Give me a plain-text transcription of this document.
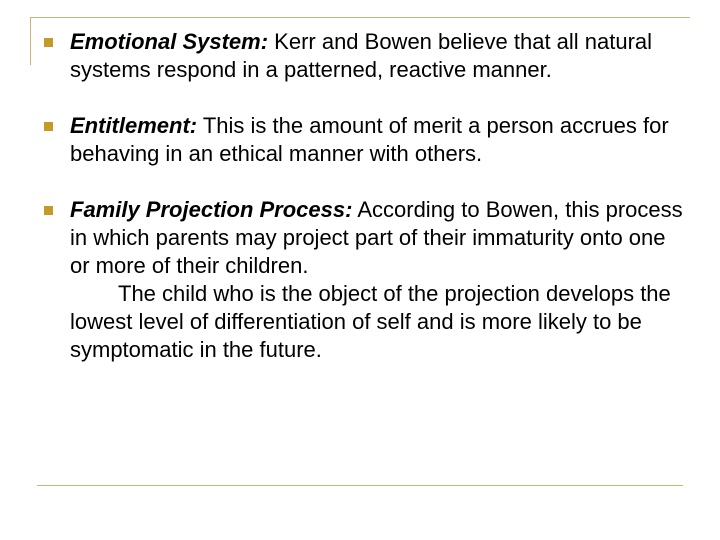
Emotional System: Kerr and Bowen believe that all natural systems respond in a patterned, reactive manner.
Entitlement: This is the amount of merit a person accrues for behaving in an ethical manner with others.
Family Projection Process: According to Bowen, this process in which parents may project part of their immaturity onto one or more of their children.
The child who is the object of the projection develops the lowest level of differentiation of self and is more likely to be symptomatic in the future.
